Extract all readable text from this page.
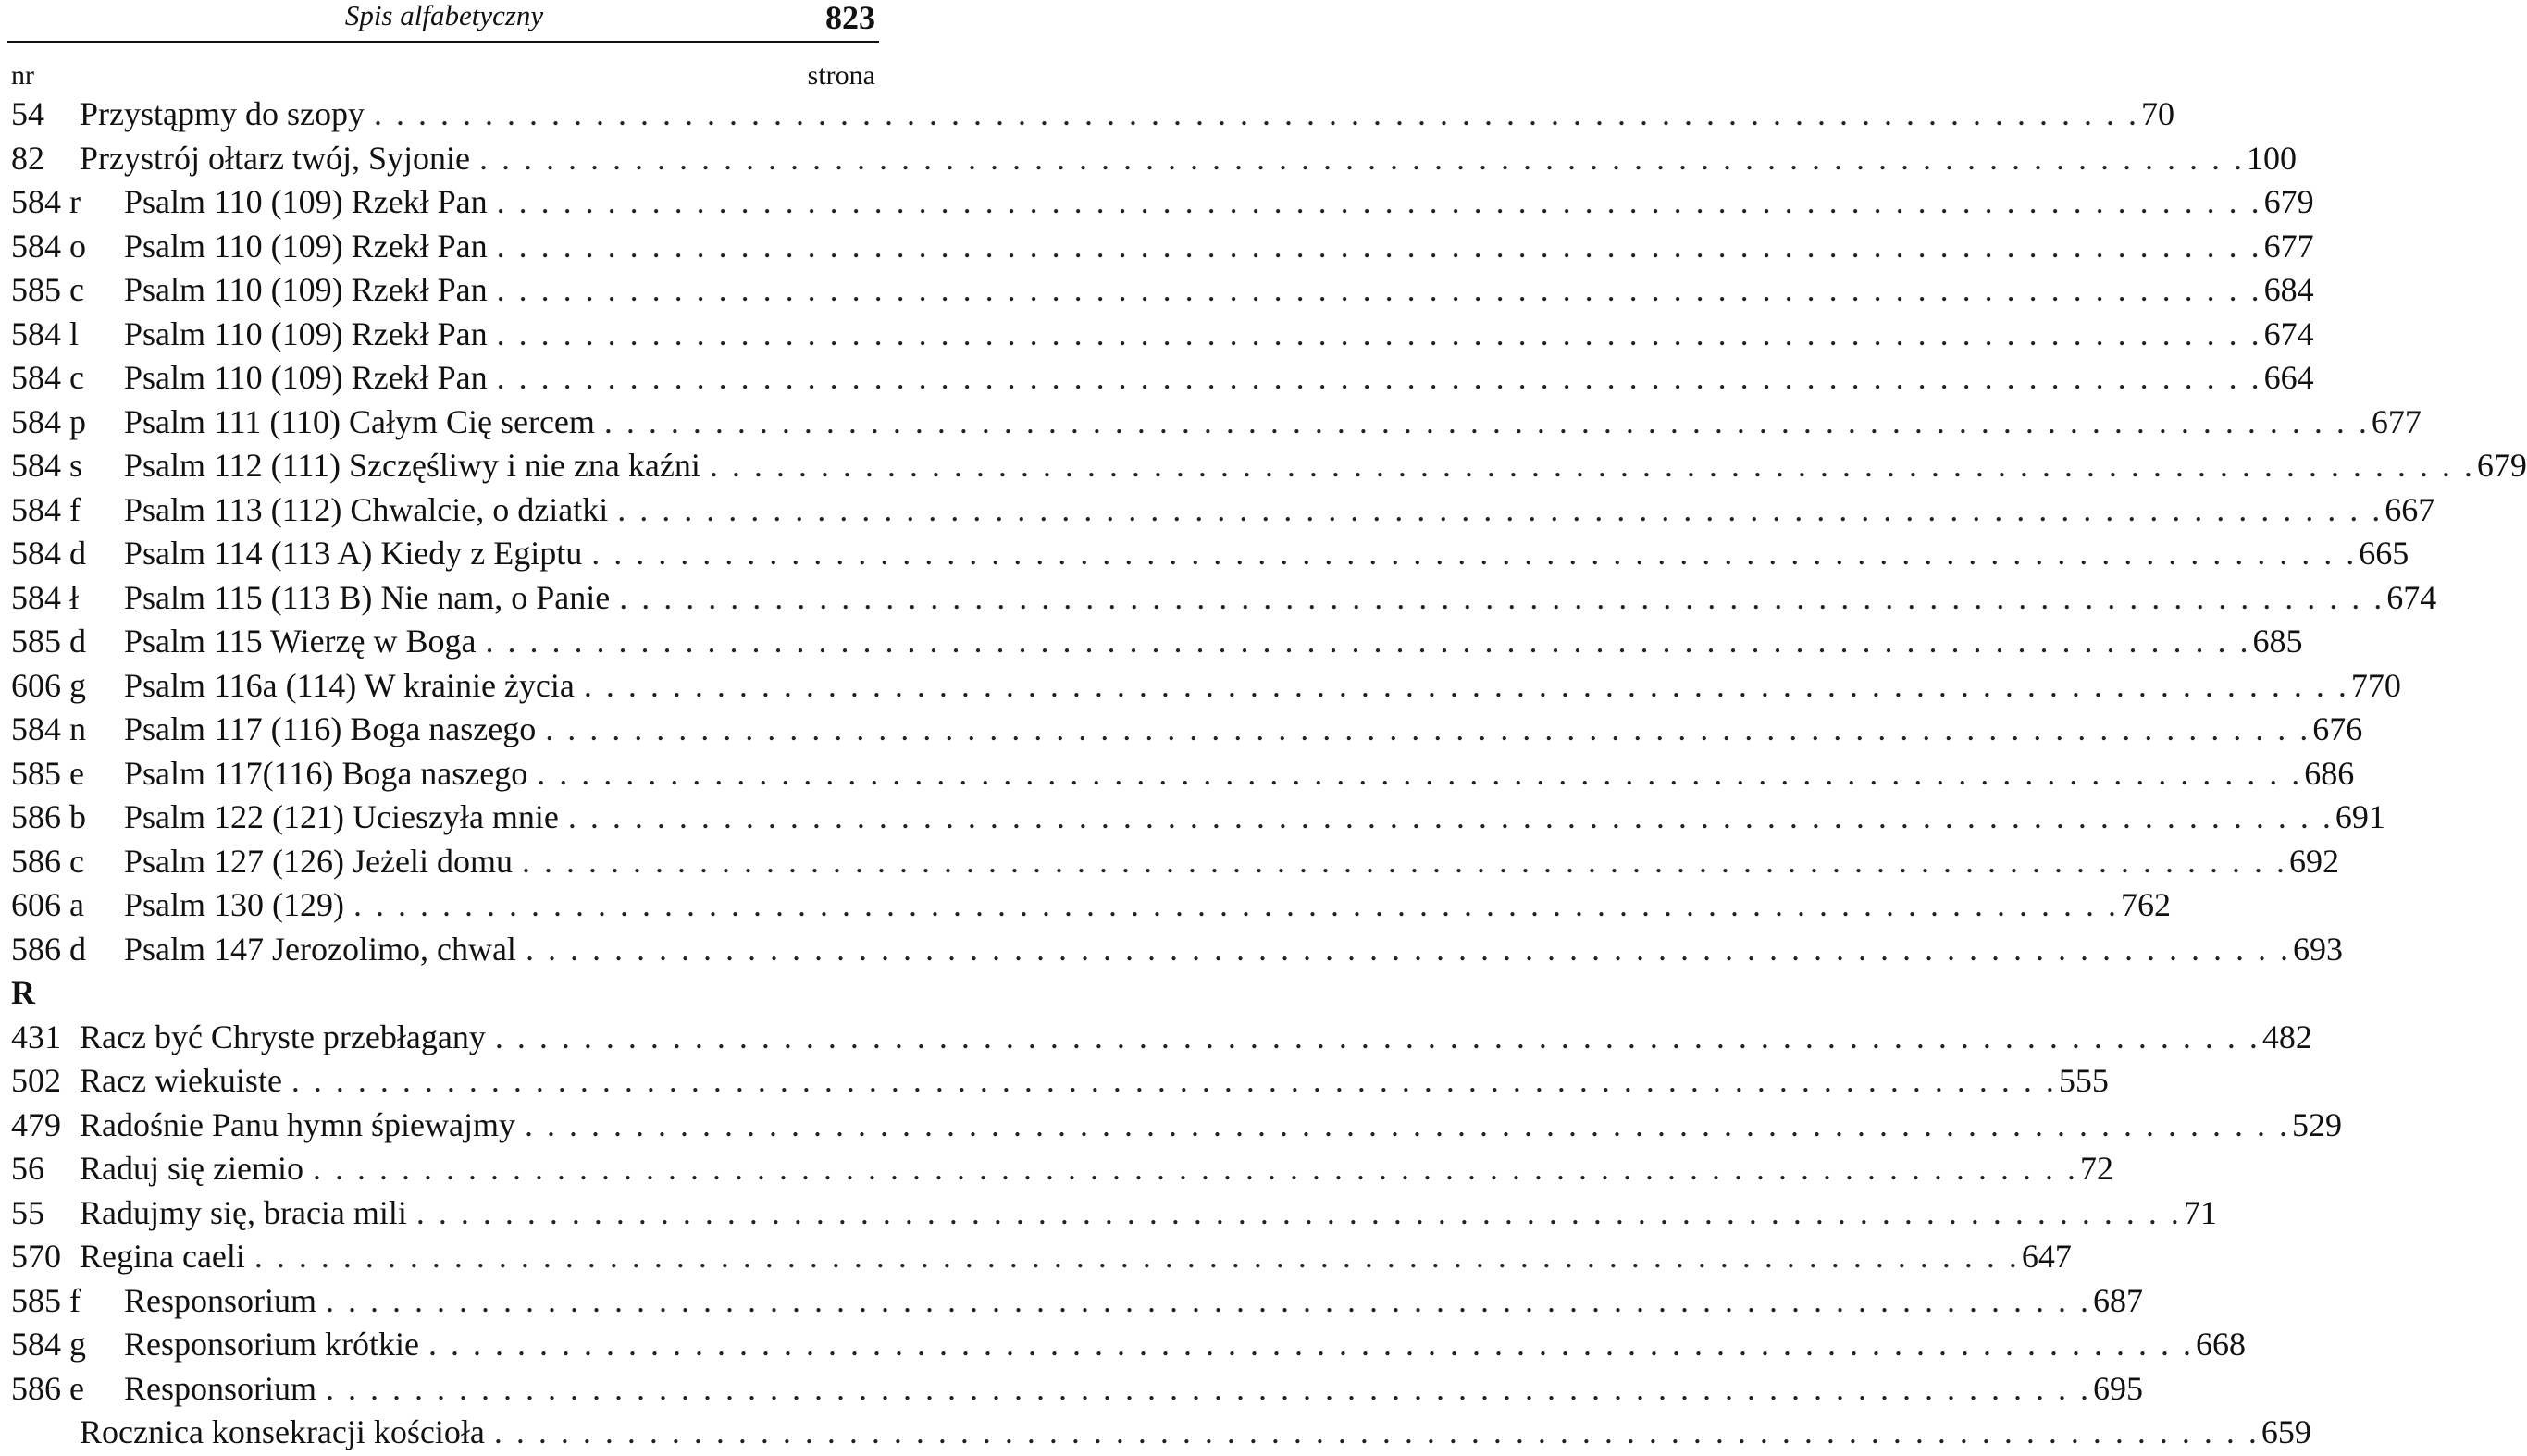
Spis alfabetyczny	823
nr	strona
54 Przystąpmy do szopy . . . . . . . . . . . . . . . . . . . . . . . . . . . . . . . . . . . . . . . . . . . . . . . . . . . . . . . . . . . . . . . . . . . . . . . . . . . . . . . . 70
82 Przystrój ołtarz twój, Syjonie . . . . . . . . . . . . . . . . . . . . . . . . . . . . . . . . . . . . . . . . . . . . . . . . . . . . . . . . . . . . . . . . . . . . . . . . . . . . . . . . 100
584 r Psalm 110 (109) Rzekł Pan . . . . . . . . . . . . . . . . . . . . . . . . . . . . . . . . . . . . . . . . . . . . . . . . . . . . . . . . . . . . . . . . . . . . . . . . . . . . . . . . 679
584 o Psalm 110 (109) Rzekł Pan . . . . . . . . . . . . . . . . . . . . . . . . . . . . . . . . . . . . . . . . . . . . . . . . . . . . . . . . . . . . . . . . . . . . . . . . . . . . . . . . 677
585 c Psalm 110 (109) Rzekł Pan . . . . . . . . . . . . . . . . . . . . . . . . . . . . . . . . . . . . . . . . . . . . . . . . . . . . . . . . . . . . . . . . . . . . . . . . . . . . . . . . 684
584 l Psalm 110 (109) Rzekł Pan . . . . . . . . . . . . . . . . . . . . . . . . . . . . . . . . . . . . . . . . . . . . . . . . . . . . . . . . . . . . . . . . . . . . . . . . . . . . . . . . 674
584 c Psalm 110 (109) Rzekł Pan . . . . . . . . . . . . . . . . . . . . . . . . . . . . . . . . . . . . . . . . . . . . . . . . . . . . . . . . . . . . . . . . . . . . . . . . . . . . . . . . 664
584 p Psalm 111 (110) Całym Cię sercem . . . . . . . . . . . . . . . . . . . . . . . . . . . . . . . . . . . . . . . . . . . . . . . . . . . . . . . . . . . . . . . . . . . . . . . . . . . . . . . . 677
584 s Psalm 112 (111) Szczęśliwy i nie zna kaźni . . . . . . . . . . . . . . . . . . . . . . . . . . . . . . . . . . . . . . . . . . . . . . . . . . . . . . . . . . . . . . . . . . . . . . . . . . . . . . . . 679
584 f Psalm 113 (112) Chwalcie, o dziatki . . . . . . . . . . . . . . . . . . . . . . . . . . . . . . . . . . . . . . . . . . . . . . . . . . . . . . . . . . . . . . . . . . . . . . . . . . . . . . . . 667
584 d Psalm 114 (113 A) Kiedy z Egiptu . . . . . . . . . . . . . . . . . . . . . . . . . . . . . . . . . . . . . . . . . . . . . . . . . . . . . . . . . . . . . . . . . . . . . . . . . . . . . . . . 665
584 ł Psalm 115 (113 B) Nie nam, o Panie . . . . . . . . . . . . . . . . . . . . . . . . . . . . . . . . . . . . . . . . . . . . . . . . . . . . . . . . . . . . . . . . . . . . . . . . . . . . . . . . 674
585 d Psalm 115 Wierzę w Boga . . . . . . . . . . . . . . . . . . . . . . . . . . . . . . . . . . . . . . . . . . . . . . . . . . . . . . . . . . . . . . . . . . . . . . . . . . . . . . . . 685
606 g Psalm 116a (114) W krainie życia . . . . . . . . . . . . . . . . . . . . . . . . . . . . . . . . . . . . . . . . . . . . . . . . . . . . . . . . . . . . . . . . . . . . . . . . . . . . . . . . 770
584 n Psalm 117 (116) Boga naszego . . . . . . . . . . . . . . . . . . . . . . . . . . . . . . . . . . . . . . . . . . . . . . . . . . . . . . . . . . . . . . . . . . . . . . . . . . . . . . . . 676
585 e Psalm 117(116) Boga naszego . . . . . . . . . . . . . . . . . . . . . . . . . . . . . . . . . . . . . . . . . . . . . . . . . . . . . . . . . . . . . . . . . . . . . . . . . . . . . . . . 686
586 b Psalm 122 (121) Ucieszyła mnie . . . . . . . . . . . . . . . . . . . . . . . . . . . . . . . . . . . . . . . . . . . . . . . . . . . . . . . . . . . . . . . . . . . . . . . . . . . . . . . . 691
586 c Psalm 127 (126) Jeżeli domu . . . . . . . . . . . . . . . . . . . . . . . . . . . . . . . . . . . . . . . . . . . . . . . . . . . . . . . . . . . . . . . . . . . . . . . . . . . . . . . . 692
606 a Psalm 130 (129) . . . . . . . . . . . . . . . . . . . . . . . . . . . . . . . . . . . . . . . . . . . . . . . . . . . . . . . . . . . . . . . . . . . . . . . . . . . . . . . . 762
586 d Psalm 147 Jerozolimo, chwal . . . . . . . . . . . . . . . . . . . . . . . . . . . . . . . . . . . . . . . . . . . . . . . . . . . . . . . . . . . . . . . . . . . . . . . . . . . . . . . . 693
R
431 Racz być Chryste przebłagany . . . . . . . . . . . . . . . . . . . . . . . . . . . . . . . . . . . . . . . . . . . . . . . . . . . . . . . . . . . . . . . . . . . . . . . . . . . . . . . . 482
502 Racz wiekuiste . . . . . . . . . . . . . . . . . . . . . . . . . . . . . . . . . . . . . . . . . . . . . . . . . . . . . . . . . . . . . . . . . . . . . . . . . . . . . . . . 555
479 Radośnie Panu hymn śpiewajmy . . . . . . . . . . . . . . . . . . . . . . . . . . . . . . . . . . . . . . . . . . . . . . . . . . . . . . . . . . . . . . . . . . . . . . . . . . . . . . . . 529
56 Raduj się ziemio . . . . . . . . . . . . . . . . . . . . . . . . . . . . . . . . . . . . . . . . . . . . . . . . . . . . . . . . . . . . . . . . . . . . . . . . . . . . . . . . 72
55 Radujmy się, bracia mili . . . . . . . . . . . . . . . . . . . . . . . . . . . . . . . . . . . . . . . . . . . . . . . . . . . . . . . . . . . . . . . . . . . . . . . . . . . . . . . . 71
570 Regina caeli . . . . . . . . . . . . . . . . . . . . . . . . . . . . . . . . . . . . . . . . . . . . . . . . . . . . . . . . . . . . . . . . . . . . . . . . . . . . . . . . 647
585 f Responsorium . . . . . . . . . . . . . . . . . . . . . . . . . . . . . . . . . . . . . . . . . . . . . . . . . . . . . . . . . . . . . . . . . . . . . . . . . . . . . . . . 687
584 g Responsorium krótkie . . . . . . . . . . . . . . . . . . . . . . . . . . . . . . . . . . . . . . . . . . . . . . . . . . . . . . . . . . . . . . . . . . . . . . . . . . . . . . . . 668
586 e Responsorium . . . . . . . . . . . . . . . . . . . . . . . . . . . . . . . . . . . . . . . . . . . . . . . . . . . . . . . . . . . . . . . . . . . . . . . . . . . . . . . . 695
Rocznica konsekracji kościoła . . . . . . . . . . . . . . . . . . . . . . . . . . . . . . . . . . . . . . . . . . . . . . . . . . . . . . . . . . . . . . . . . . . . . . . . . . . . . . . . 659
